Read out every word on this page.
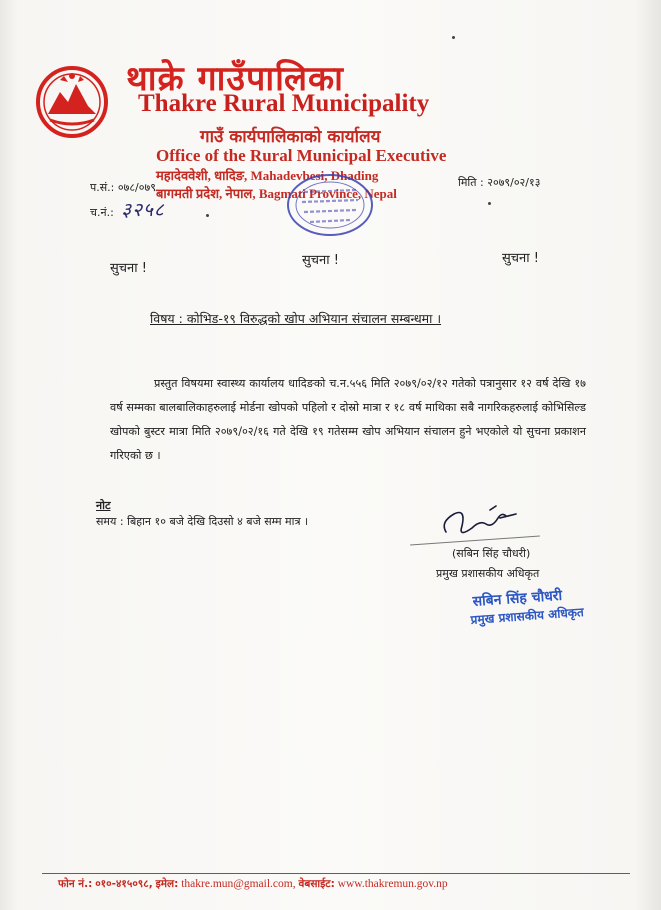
थाक्रे गाउँपालिका
Thakre Rural Municipality
गाउँ कार्यपालिकाको कार्यालय
Office of the Rural Municipal Executive
महादेववेशी, धादिङ, Mahadevbesi, Dhading
बागमती प्रदेश, नेपाल, Bagmati Province, Nepal
प.सं.: ०७८/०७९
च.नं.: ३२५८
मिति : २०७९/०२/१३
सुचना !
सुचना !	सुचना !
विषय : कोभिड-१९ विरुद्धको खोप अभियान संचालन सम्बन्धमा ।
प्रस्तुत विषयमा स्वास्थ्य कार्यालय धादिङको च.न.५५६ मिति २०७९/०२/१२ गतेको पत्रानुसार १२ वर्ष देखि १७ वर्ष सम्मका बालबालिकाहरुलाई मोर्डना खोपको पहिलो र दोस्रो मात्रा र १८ वर्ष माथिका सबै नागरिकहरुलाई कोभिसिल्ड खोपको बुस्टर मात्रा मिति २०७९/०२/१६ गते देखि १९ गतेसम्म खोप अभियान संचालन हुने भएकोले यो सुचना प्रकाशन गरिएको छ ।
नोट
समय : बिहान १० बजे देखि दिउसो ४ बजे सम्म मात्र ।
(सबिन सिंह चौधरी)
प्रमुख प्रशासकीय अधिकृत
सबिन सिंह चौधरी
प्रमुख प्रशासकीय अधिकृत
फोन नं.: ०१०-४१५०९८, इमेल: thakre.mun@gmail.com, वेबसाईट: www.thakremun.gov.np
